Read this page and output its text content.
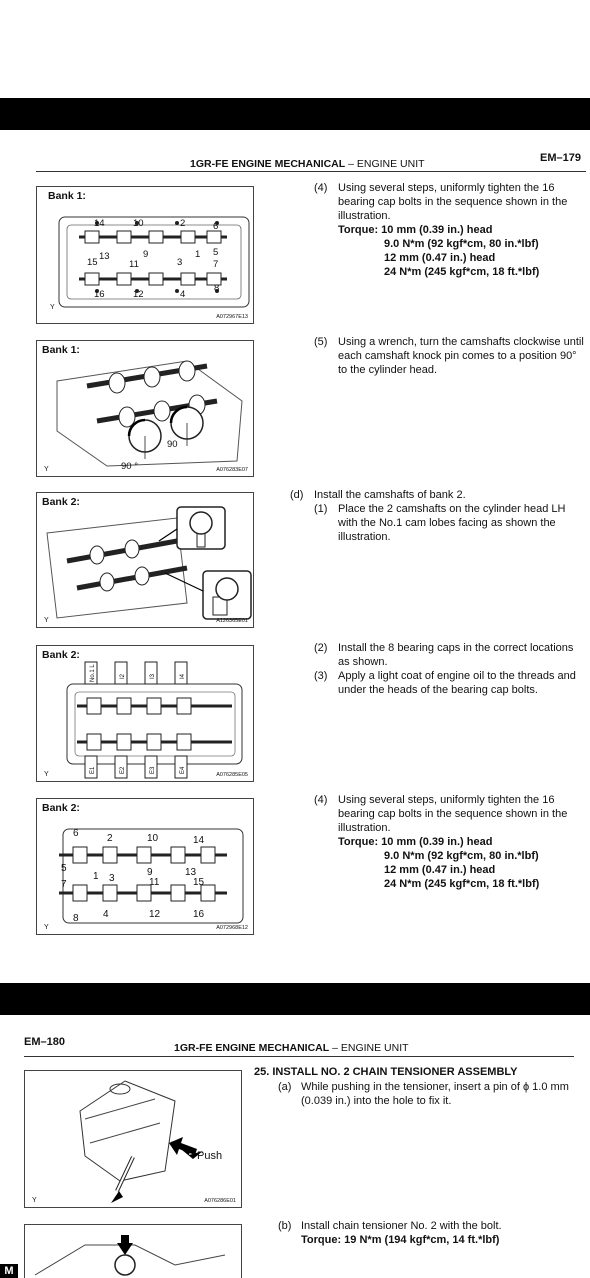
1GR-FE ENGINE MECHANICAL – ENGINE UNIT	EM–179
Bank 1:
14	10	2	6
13	5
15	11
9
3
1
7
16	12	4
8
Y
A072967E13
(4) Using several steps, uniformly tighten the 16 bearing cap bolts in the sequence shown in the illustration.
Torque: 10 mm (0.39 in.) head
9.0 N*m (92 kgf*cm, 80 in.*lbf)
12 mm (0.47 in.) head
24 N*m (245 kgf*cm, 18 ft.*lbf)
Bank 1:
90
90 °
Y	A076283E07
(5) Using a wrench, turn the camshafts clockwise until each camshaft knock pin comes to a position 90° to the cylinder head.
Bank 2:
Y	A126365E01
(d) Install the camshafts of bank 2.
(1) Place the 2 camshafts on the cylinder head LH with the No.1 cam lobes facing as shown the illustration.
Bank 2:
No.1 L	I2	I3	I4
E1	E2	E3	E4
Y	A076285E05
(2) Install the 8 bearing caps in the correct locations as shown.
(3) Apply a light coat of engine oil to the threads and under the heads of the bearing cap bolts.
Bank 2:
6	2	10	14
5
1 3
9
11
13
15
7
8 4	12	16
Y	A072968E12
(4) Using several steps, uniformly tighten the 16 bearing cap bolts in the sequence shown in the illustration.
Torque: 10 mm (0.39 in.) head
9.0 N*m (92 kgf*cm, 80 in.*lbf)
12 mm (0.47 in.) head
24 N*m (245 kgf*cm, 18 ft.*lbf)
EM–180	1GR-FE ENGINE MECHANICAL – ENGINE UNIT
Push
Y	A076286E01
25. INSTALL NO. 2 CHAIN TENSIONER ASSEMBLY
(a) While pushing in the tensioner, insert a pin of ϕ 1.0 mm (0.039 in.) into the hole to fix it.
(b) Install chain tensioner No. 2 with the bolt.
Torque: 19 N*m (194 kgf*cm, 14 ft.*lbf)
M
